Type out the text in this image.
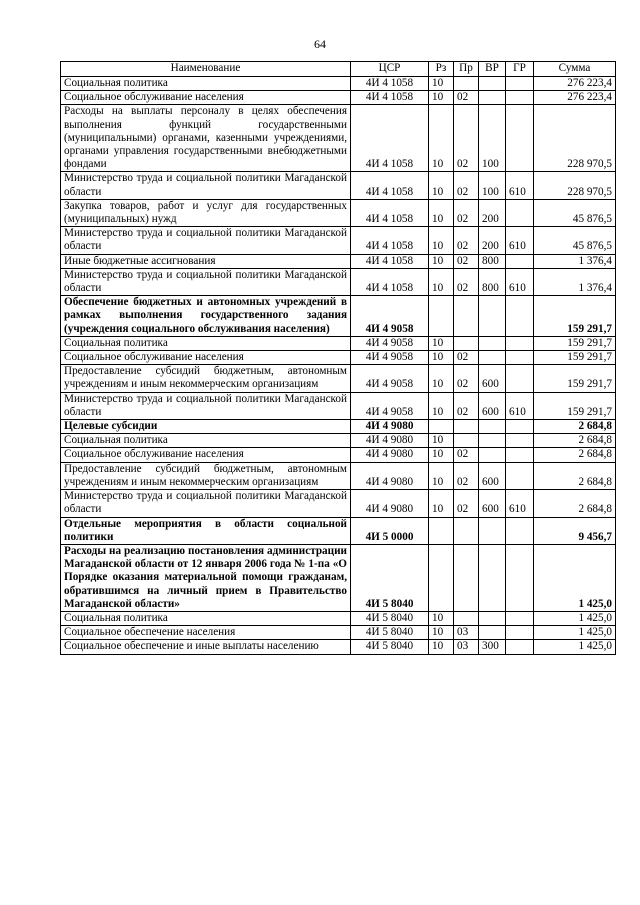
64
Наименование	ЦСР	Рз	Пр	ВР	ГР	Сумма
Социальная политика	4И 4 1058	10				276 223,4
Социальное обслуживание населения	4И 4 1058	10	02			276 223,4
Расходы на выплаты персоналу в целях обеспечения выполнения функций государственными (муниципальными) органами, казенными учреждениями, органами управления государственными внебюджетными фондами	4И 4 1058	10	02	100		228 970,5
Министерство труда и социальной политики Магаданской области	4И 4 1058	10	02	100	610	228 970,5
Закупка товаров, работ и услуг для государственных (муниципальных) нужд	4И 4 1058	10	02	200		45 876,5
Министерство труда и социальной политики Магаданской области	4И 4 1058	10	02	200	610	45 876,5
Иные бюджетные ассигнования	4И 4 1058	10	02	800		1 376,4
Министерство труда и социальной политики Магаданской области	4И 4 1058	10	02	800	610	1 376,4
Обеспечение бюджетных и автономных учреждений в рамках выполнения государственного задания (учреждения социального обслуживания населения)	4И 4 9058					159 291,7
Социальная политика	4И 4 9058	10				159 291,7
Социальное обслуживание населения	4И 4 9058	10	02			159 291,7
Предоставление субсидий бюджетным, автономным учреждениям и иным некоммерческим организациям	4И 4 9058	10	02	600		159 291,7
Министерство труда и социальной политики Магаданской области	4И 4 9058	10	02	600	610	159 291,7
Целевые субсидии	4И 4 9080					2 684,8
Социальная политика	4И 4 9080	10				2 684,8
Социальное обслуживание населения	4И 4 9080	10	02			2 684,8
Предоставление субсидий бюджетным, автономным учреждениям и иным некоммерческим организациям	4И 4 9080	10	02	600		2 684,8
Министерство труда и социальной политики Магаданской области	4И 4 9080	10	02	600	610	2 684,8
Отдельные мероприятия в области социальной политики	4И 5 0000					9 456,7
Расходы на реализацию постановления администрации Магаданской области от 12 января 2006 года № 1-па «О Порядке оказания материальной помощи гражданам, обратившимся на личный прием в Правительство Магаданской области»	4И 5 8040					1 425,0
Социальная политика	4И 5 8040	10				1 425,0
Социальное обеспечение населения	4И 5 8040	10	03			1 425,0
Социальное обеспечение и иные выплаты населению	4И 5 8040	10	03	300		1 425,0
